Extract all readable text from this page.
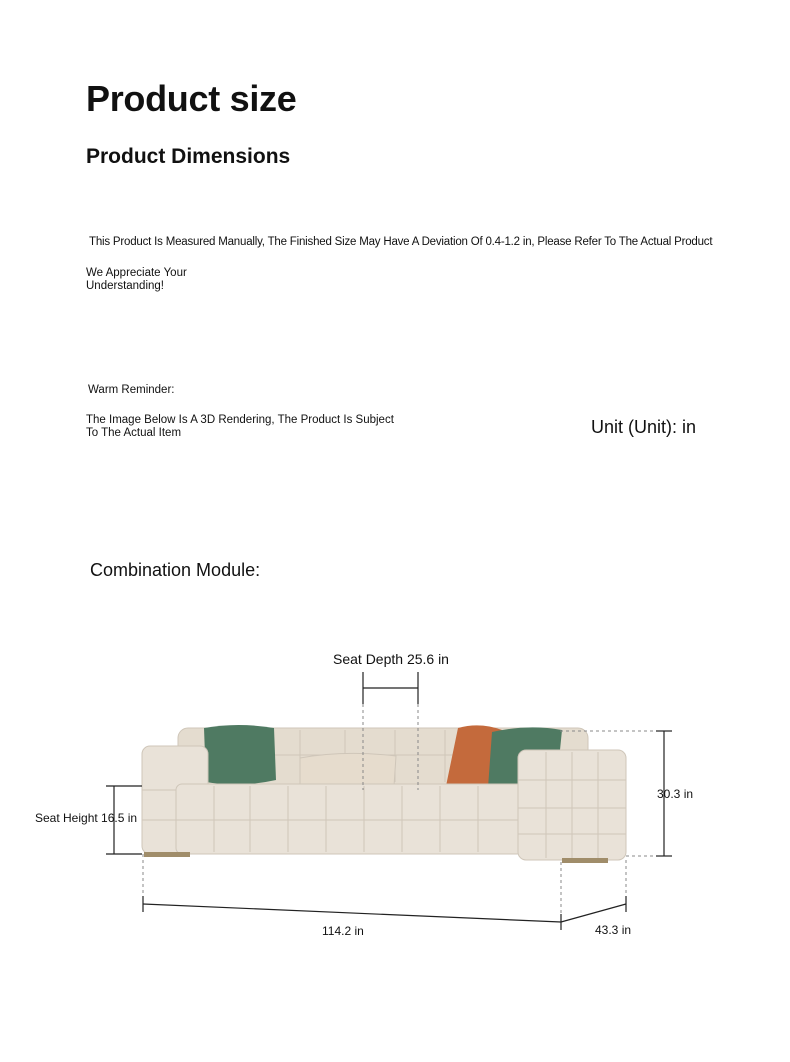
Product size
Product Dimensions
This Product Is Measured Manually, The Finished Size May Have A Deviation Of 0.4-1.2 in, Please Refer To The Actual Product
We Appreciate Your
Understanding!
Warm Reminder:
The Image Below Is A 3D Rendering, The Product Is Subject
To The Actual Item	Unit (Unit): in
Combination Module:
Seat Depth 25.6 in
Seat Height 16.5 in
30.3 in
114.2 in	43.3 in
